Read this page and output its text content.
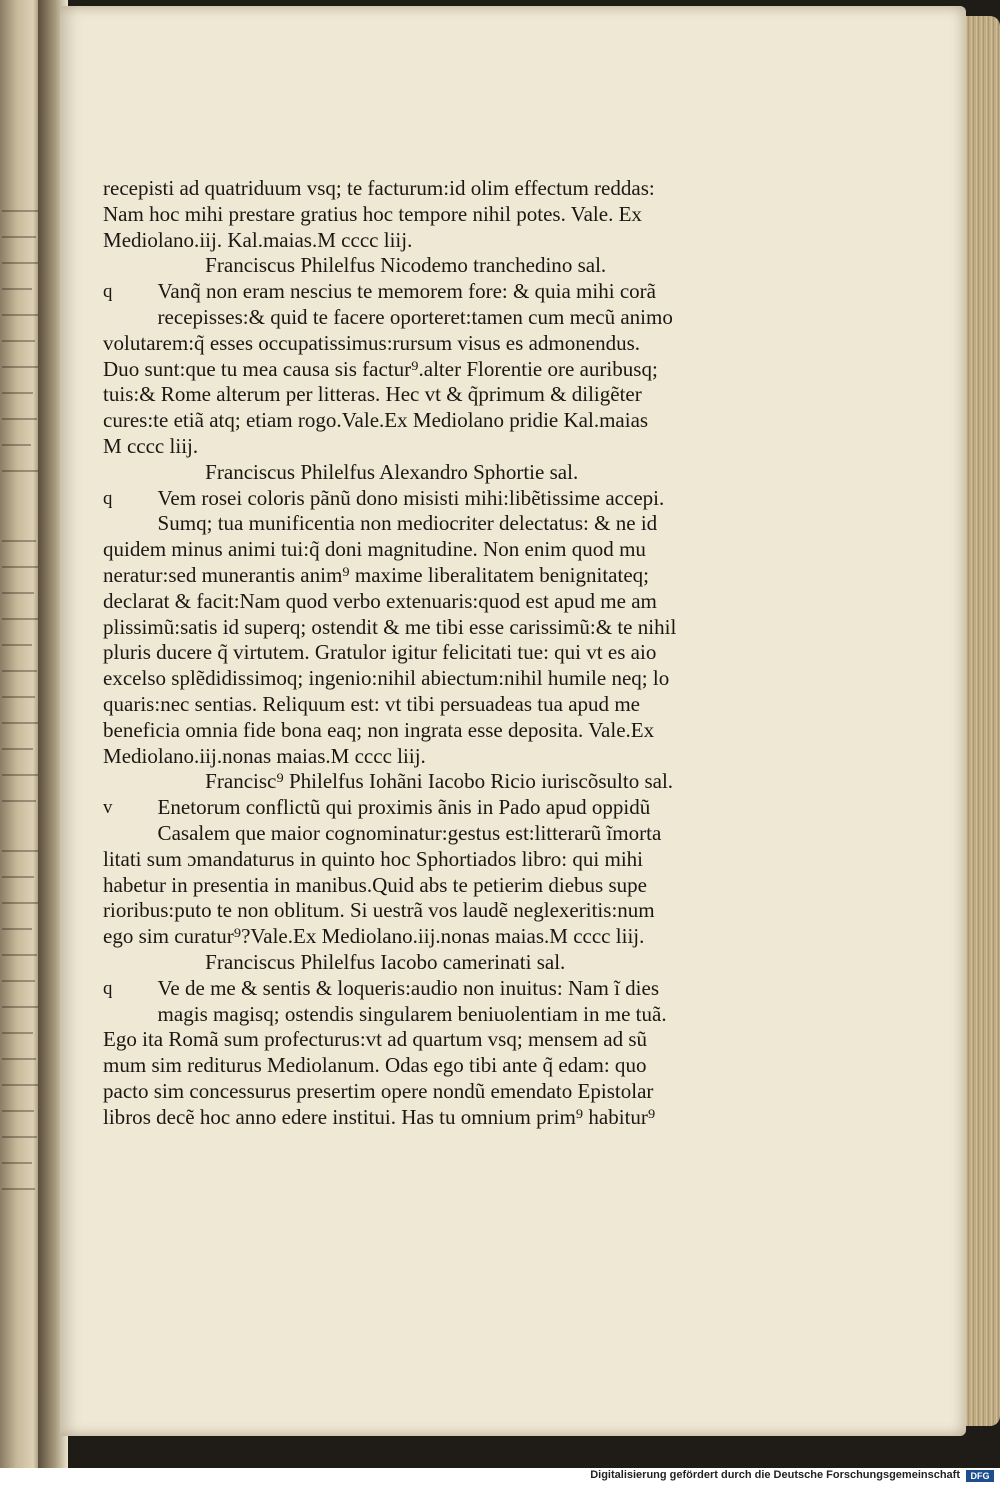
recepisti ad quatriduum vsq; te facturum:id olim effectum reddas:
Nam hoc mihi prestare gratius hoc tempore nihil potes. Vale. Ex
Mediolano.iij. Kal.maias.M cccc liij.
Franciscus Philelfus Nicodemo tranchedino sal.
q Vanq̃ non eram nescius te memorem fore: & quia mihi corã
recepisses:& quid te facere oporteret:tamen cum mecũ animo
volutarem:q̃ esses occupatissimus:rursum visus es admonendus.
Duo sunt:que tu mea causa sis factur⁹.alter Florentie ore auribusq;
tuis:& Rome alterum per litteras. Hec vt & q̃primum & diligẽter
cures:te etiã atq; etiam rogo.Vale.Ex Mediolano pridie Kal.maias
M cccc liij.
Franciscus Philelfus Alexandro Sphortie sal.
q Vem rosei coloris pãnũ dono misisti mihi:libẽtissime accepi.
Sumq; tua munificentia non mediocriter delectatus: & ne id
quidem minus animi tui:q̃ doni magnitudine. Non enim quod mu
neratur:sed munerantis anim⁹ maxime liberalitatem benignitateq;
declarat & facit:Nam quod verbo extenuaris:quod est apud me am
plissimũ:satis id superq; ostendit & me tibi esse carissimũ:& te nihil
pluris ducere q̃ virtutem. Gratulor igitur felicitati tue: qui vt es aio
excelso splẽdidissimoq; ingenio:nihil abiectum:nihil humile neq; lo
quaris:nec sentias. Reliquum est: vt tibi persuadeas tua apud me
beneficia omnia fide bona eaq; non ingrata esse deposita. Vale.Ex
Mediolano.iij.nonas maias.M cccc liij.
Francisc⁹ Philelfus Iohãni Iacobo Ricio iuriscõsulto sal.
v Enetorum conflictũ qui proximis ãnis in Pado apud oppidũ
Casalem que maior cognominatur:gestus est:litterarũ ĩmorta
litati sum ɔmandaturus in quinto hoc Sphortiados libro: qui mihi
habetur in presentia in manibus.Quid abs te petierim diebus supe
rioribus:puto te non oblitum. Si uestrã vos laudẽ neglexeritis:num
ego sim curatur⁹?Vale.Ex Mediolano.iij.nonas maias.M cccc liij.
Franciscus Philelfus Iacobo camerinati sal.
q Ve de me & sentis & loqueris:audio non inuitus: Nam ĩ dies
magis magisq; ostendis singularem beniuolentiam in me tuã.
Ego ita Romã sum profecturus:vt ad quartum vsq; mensem ad sũ
mum sim rediturus Mediolanum. Odas ego tibi ante q̃ edam: quo
pacto sim concessurus presertim opere nondũ emendato Epistolar
libros decẽ hoc anno edere institui. Has tu omnium prim⁹ habitur⁹
Digitalisierung gefördert durch die Deutsche Forschungsgemeinschaft	DFG
